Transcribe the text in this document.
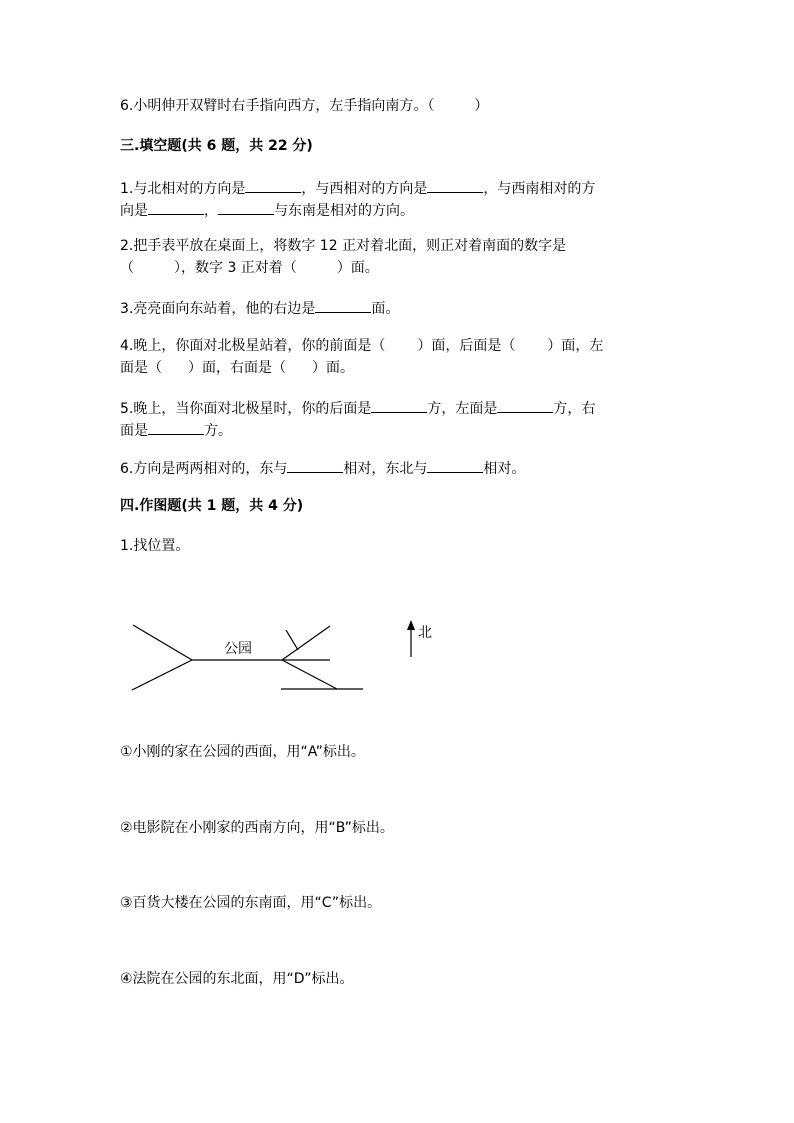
6.小明伸开双臂时右手指向西方，左手指向南方。（	）
三.填空题(共 6 题，共 22 分)
1.与北相对的方向是	，与西相对的方向是	，与西南相对的方
向是	，	与东南是相对的方向。
2.把手表平放在桌面上，将数字 12 正对着北面，则正对着南面的数字是
（	），数字 3 正对着（	）面。
3.亮亮面向东站着，他的右边是	面。
4.晚上，你面对北极星站着，你的前面是（ ）面，后面是（ ）面，左
面是（ ）面，右面是（ ）面。
5.晚上，当你面对北极星时，你的后面是	方，左面是	方，右
面是	方。
6.方向是两两相对的，东与	相对，东北与	相对。
四.作图题(共 1 题，共 4 分)
1.找位置。
公园
北
①小刚的家在公园的西面，用“A”标出。
②电影院在小刚家的西南方向，用“B”标出。
③百货大楼在公园的东南面，用“C”标出。
④法院在公园的东北面，用“D”标出。
